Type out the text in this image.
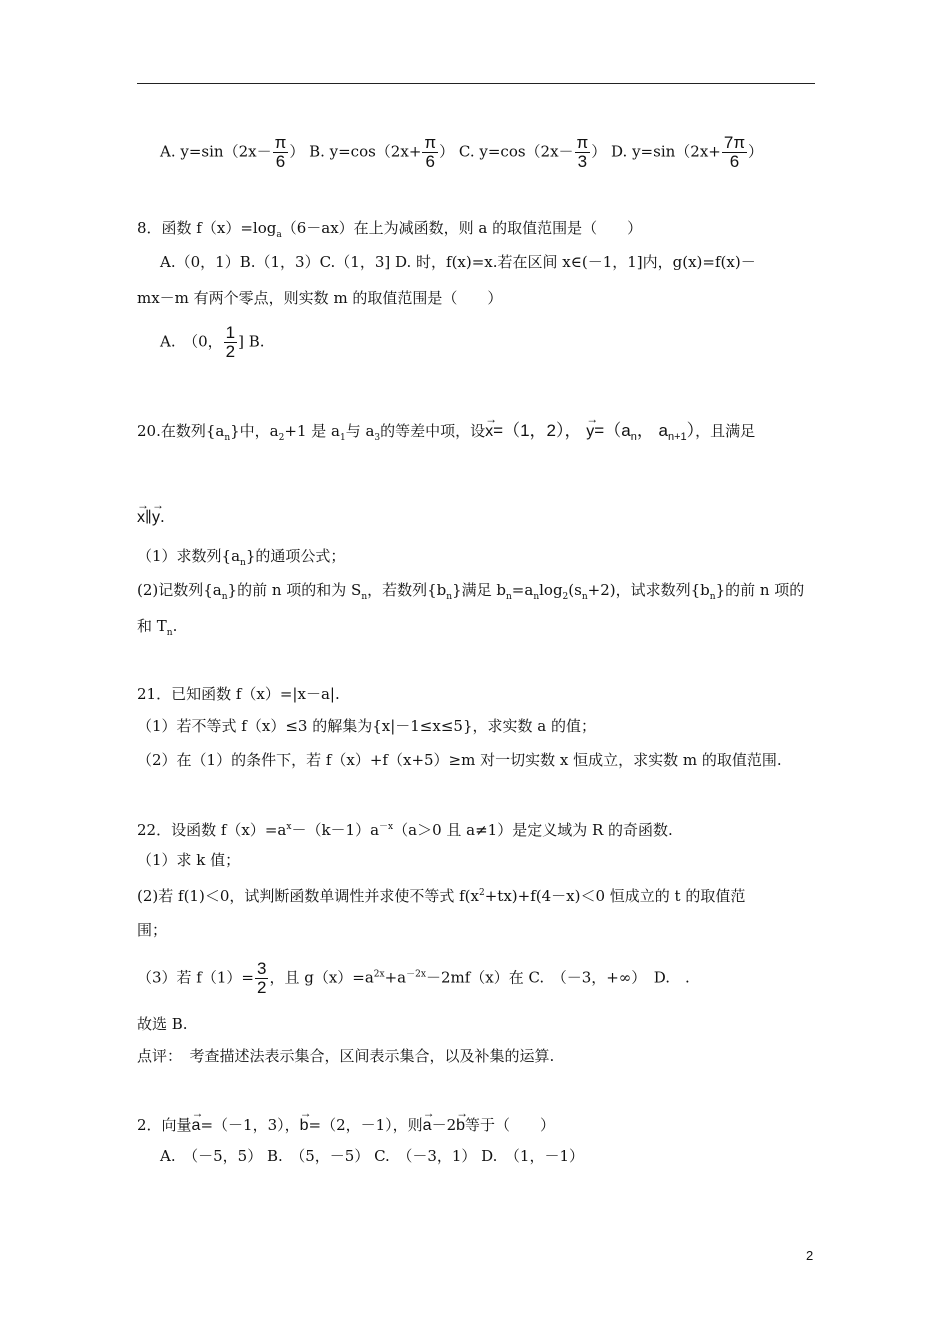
A. $y=\sin(2x- \frac{\pi}{6}$ ） B. $y=\cos(2x+ \frac{\pi}{6}$ ） C. $y=\cos(2x- \frac{\pi}{3}$ ） D. $y=\sin(2x+ \frac{7\pi}{6}$ ）
8．函数 $f(x)=\log_a(6-ax)$在上为减函数，则 a 的取值范围是（　　）
A.（0，1）B.（1，3）C.（1，3] D. 时，f(x)=x.若在区间 x∈(－1，1]内，g(x)=f(x)－
mx－m 有两个零点，则实数 m 的取值范围是（　　）
A.　（0， $\frac{1}{2}$ ] B.
20.在数列$\{a_n\}$中，$a_2+1$ 是 $a_1$与 $a_3$的等差中项，设→ x=（1，2）， → $y=(a_n$， $a_{n+1}$），且满足
→ x∥→ y.
（1）求数列$\{a_n\}$的通项公式；
(2)记数列$\{a_n\}$的前 n 项的和为 $S_n$，若数列$\{b_n\}$满足 $b_n=a_n\log_2(s_n+2)$，试求数列$\{b_n\}$的前 n 项的
和 $T_n$.
21．已知函数 f（x）=|x－a|.
（1）若不等式 f（x）≤3 的解集为{x|－1≤x≤5}，求实数 a 的值；
（2）在（1）的条件下，若 f（x）+f（x+5）≥m 对一切实数 x 恒成立，求实数 m 的取值范围.
22．设函数 $f(x)=a^x-(k-1)a^{-x}(a>0$ 且 a≠1）是定义域为 R 的奇函数.
（1）求 k 值；
(2)若 f(1)＜0，试判断函数单调性并求使不等式 $f(x^2+tx)+f(4-x)<0$ 恒成立的 t 的取值范
围；
（3）若 $f(1)= \frac{3}{2}$ ，且 $g(x)=a^{2x}+a^{-2x}-2mf(x)$在 C.　（－3，+∞）　D.　.
故选 B.
点评：　考查描述法表示集合，区间表示集合，以及补集的运算.
2．向量→ a=（－1，3），→ b=（2，－1），则→ a－2→ b等于（　　）
A.　（－5，5） B.　（5，－5） C.　（－3，1） D.　（1，－1）
2
